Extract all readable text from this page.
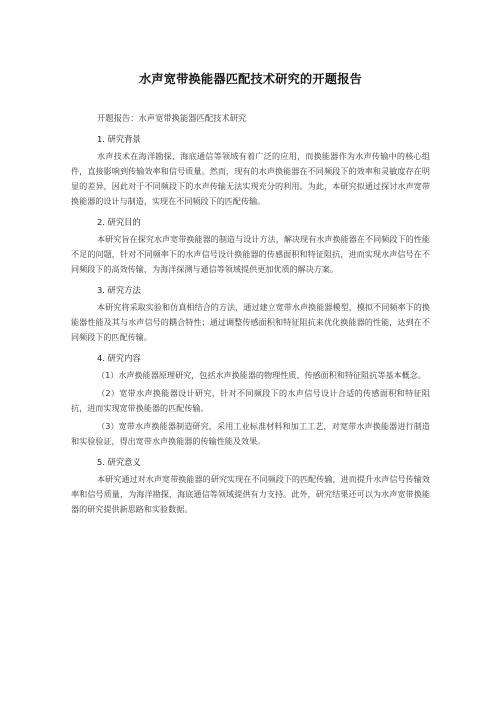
水声宽带换能器匹配技术研究的开题报告
开题报告：水声宽带换能器匹配技术研究
1. 研究背景
水声技术在海洋勘探、海底通信等领域有着广泛的应用，而换能器作为水声传输中的核心组件，直接影响到传输效率和信号质量。然而，现有的水声换能器在不同频段下的效率和灵敏度存在明显的差异，因此对于不同频段下的水声传输无法实现充分的利用。为此，本研究拟通过探讨水声宽带换能器的设计与制造，实现在不同频段下的匹配传输。
2. 研究目的
本研究旨在探究水声宽带换能器的制造与设计方法，解决现有水声换能器在不同频段下的性能不足的问题，针对不同频率下的水声信号设计换能器的传感面积和特征阻抗，进而实现水声信号在不同频段下的高效传输，为海洋探测与通信等领域提供更加优质的解决方案。
3. 研究方法
本研究将采取实验和仿真相结合的方法，通过建立宽带水声换能器模型，模拟不同频率下的换能器性能及其与水声信号的耦合特性；通过调整传感面积和特征阻抗来优化换能器的性能，达到在不同频段下的匹配传输。
4. 研究内容
（1）水声换能器原理研究，包括水声换能器的物理性质、传感面积和特征阻抗等基本概念。
（2）宽带水声换能器设计研究，针对不同频段下的水声信号设计合适的传感面积和特征阻抗，进而实现宽带换能器的匹配传输。
（3）宽带水声换能器制造研究，采用工业标准材料和加工工艺，对宽带水声换能器进行制造和实验验证，得出宽带水声换能器的传输性能及效果。
5. 研究意义
本研究通过对水声宽带换能器的研究实现在不同频段下的匹配传输，进而提升水声信号传输效率和信号质量，为海洋勘探、海底通信等领域提供有力支持。此外，研究结果还可以为水声宽带换能器的研究提供新思路和实验数据。
